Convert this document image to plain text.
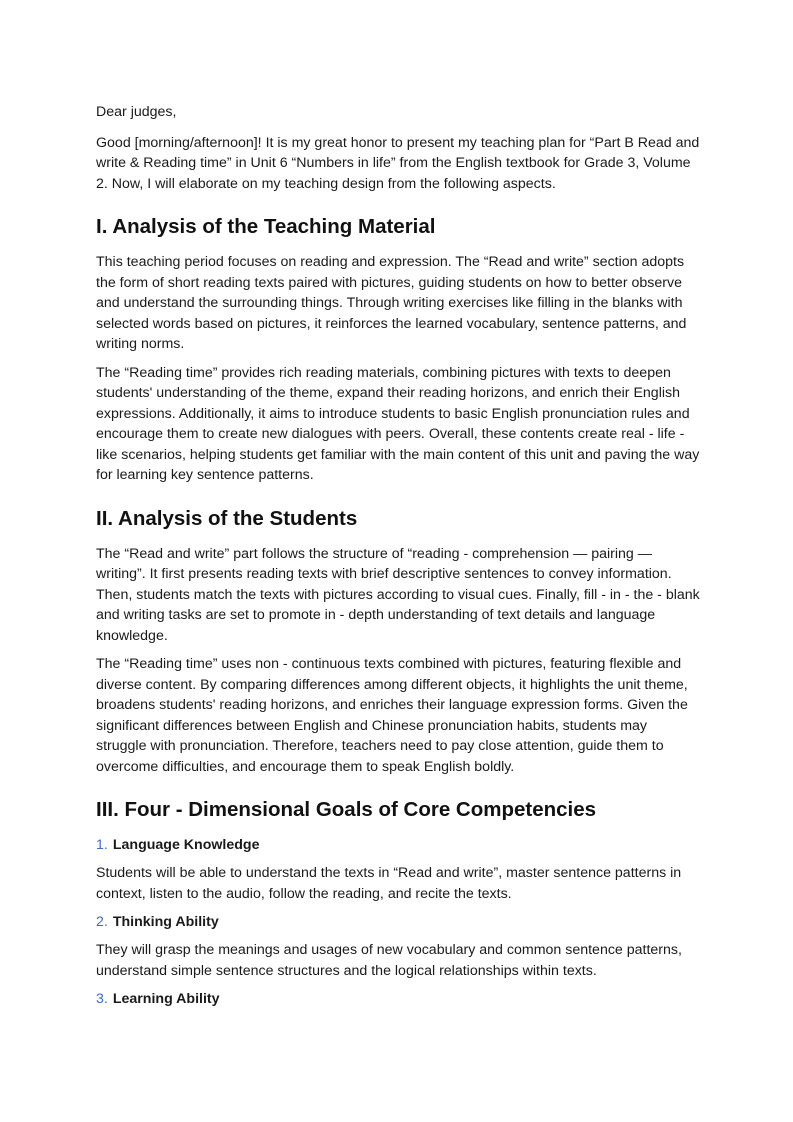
Dear judges,

Good [morning/afternoon]! It is my great honor to present my teaching plan for “Part B Read and write & Reading time” in Unit 6 “Numbers in life” from the English textbook for Grade 3, Volume 2. Now, I will elaborate on my teaching design from the following aspects.

I. Analysis of the Teaching Material

This teaching period focuses on reading and expression. The “Read and write” section adopts the form of short reading texts paired with pictures, guiding students on how to better observe and understand the surrounding things. Through writing exercises like filling in the blanks with selected words based on pictures, it reinforces the learned vocabulary, sentence patterns, and writing norms.

The “Reading time” provides rich reading materials, combining pictures with texts to deepen students' understanding of the theme, expand their reading horizons, and enrich their English expressions. Additionally, it aims to introduce students to basic English pronunciation rules and encourage them to create new dialogues with peers. Overall, these contents create real - life - like scenarios, helping students get familiar with the main content of this unit and paving the way for learning key sentence patterns.

II. Analysis of the Students

The “Read and write” part follows the structure of “reading - comprehension — pairing — writing”. It first presents reading texts with brief descriptive sentences to convey information. Then, students match the texts with pictures according to visual cues. Finally, fill - in - the - blank and writing tasks are set to promote in - depth understanding of text details and language knowledge.

The “Reading time” uses non - continuous texts combined with pictures, featuring flexible and diverse content. By comparing differences among different objects, it highlights the unit theme, broadens students' reading horizons, and enriches their language expression forms. Given the significant differences between English and Chinese pronunciation habits, students may struggle with pronunciation. Therefore, teachers need to pay close attention, guide them to overcome difficulties, and encourage them to speak English boldly.

III. Four - Dimensional Goals of Core Competencies
1. Language Knowledge

Students will be able to understand the texts in “Read and write”, master sentence patterns in context, listen to the audio, follow the reading, and recite the texts.

2. Thinking Ability

They will grasp the meanings and usages of new vocabulary and common sentence patterns, understand simple sentence structures and the logical relationships within texts.

3. Learning Ability
